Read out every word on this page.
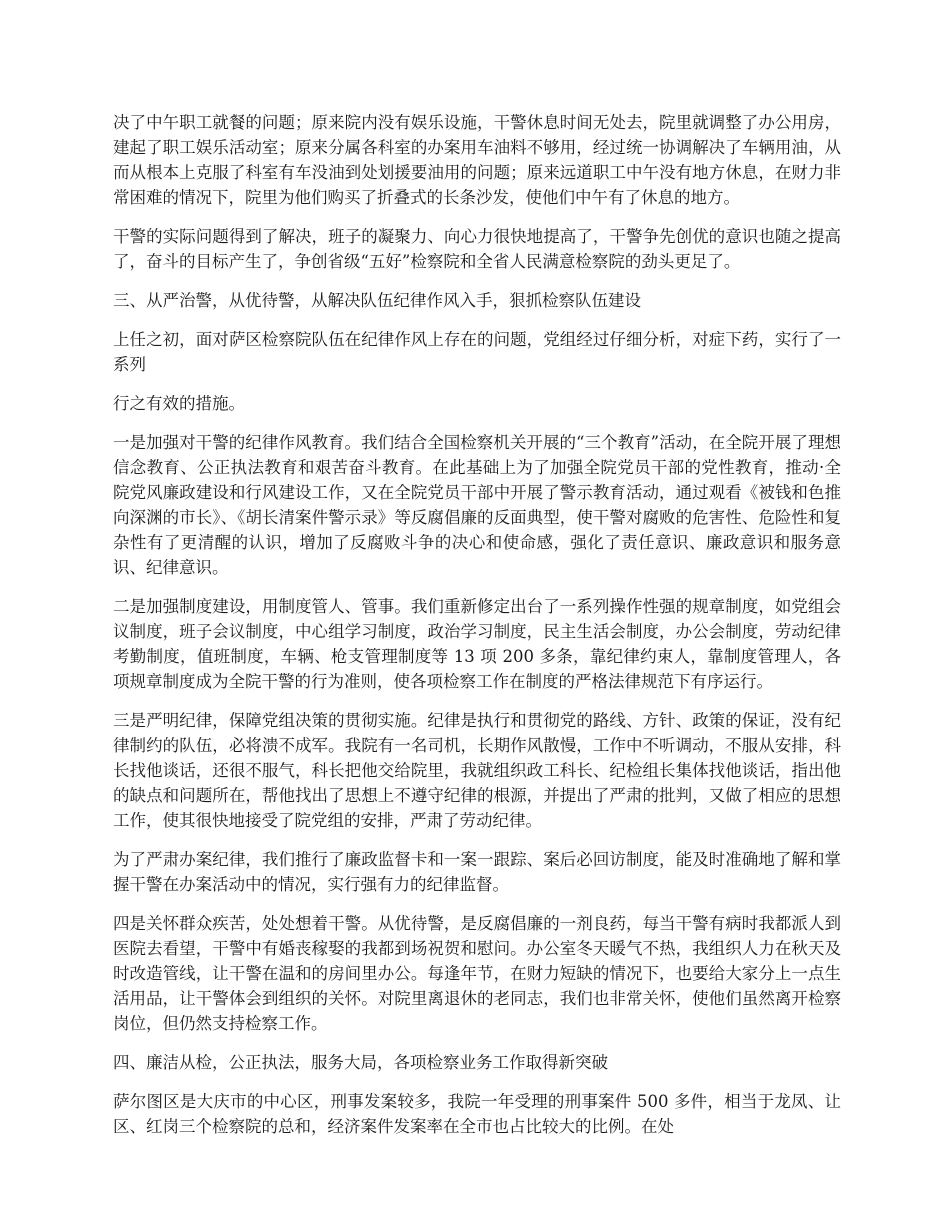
决了中午职工就餐的问题；原来院内没有娱乐设施，干警休息时间无处去，院里就调整了办公用房，建起了职工娱乐活动室；原来分属各科室的办案用车油料不够用，经过统一协调解决了车辆用油，从而从根本上克服了科室有车没油到处划援要油用的问题；原来远道职工中午没有地方休息，在财力非常困难的情况下，院里为他们购买了折叠式的长条沙发，使他们中午有了休息的地方。

干警的实际问题得到了解决，班子的凝聚力、向心力很快地提高了，干警争先创优的意识也随之提高了，奋斗的目标产生了，争创省级“五好”检察院和全省人民满意检察院的劲头更足了。

三、从严治警，从优待警，从解决队伍纪律作风入手，狠抓检察队伍建设

上任之初，面对萨区检察院队伍在纪律作风上存在的问题，党组经过仔细分析，对症下药，实行了一系列

行之有效的措施。

一是加强对干警的纪律作风教育。我们结合全国检察机关开展的“三个教育”活动，在全院开展了理想信念教育、公正执法教育和艰苦奋斗教育。在此基础上为了加强全院党员干部的党性教育，推动·全院党风廉政建设和行风建设工作，又在全院党员干部中开展了警示教育活动，通过观看《被钱和色推向深渊的市长》、《胡长清案件警示录》等反腐倡廉的反面典型，使干警对腐败的危害性、危险性和复杂性有了更清醒的认识，增加了反腐败斗争的决心和使命感，强化了责任意识、廉政意识和服务意识、纪律意识。

二是加强制度建设，用制度管人、管事。我们重新修定出台了一系列操作性强的规章制度，如党组会议制度，班子会议制度，中心组学习制度，政治学习制度，民主生活会制度，办公会制度，劳动纪律考勤制度，值班制度，车辆、枪支管理制度等 13 项 200 多条，靠纪律约束人，靠制度管理人，各项规章制度成为全院干警的行为准则，使各项检察工作在制度的严格法律规范下有序运行。

三是严明纪律，保障党组决策的贯彻实施。纪律是执行和贯彻党的路线、方针、政策的保证，没有纪律制约的队伍，必将溃不成军。我院有一名司机，长期作风散慢，工作中不听调动，不服从安排，科长找他谈话，还很不服气，科长把他交给院里，我就组织政工科长、纪检组长集体找他谈话，指出他的缺点和问题所在，帮他找出了思想上不遵守纪律的根源，并提出了严肃的批判，又做了相应的思想工作，使其很快地接受了院党组的安排，严肃了劳动纪律。

为了严肃办案纪律，我们推行了廉政监督卡和一案一跟踪、案后必回访制度，能及时准确地了解和掌握干警在办案活动中的情况，实行强有力的纪律监督。

四是关怀群众疾苦，处处想着干警。从优待警，是反腐倡廉的一剂良药，每当干警有病时我都派人到医院去看望，干警中有婚丧稼娶的我都到场祝贺和慰问。办公室冬天暖气不热，我组织人力在秋天及时改造管线，让干警在温和的房间里办公。每逢年节，在财力短缺的情况下，也要给大家分上一点生活用品，让干警体会到组织的关怀。对院里离退休的老同志，我们也非常关怀，使他们虽然离开检察岗位，但仍然支持检察工作。

四、廉洁从检，公正执法，服务大局，各项检察业务工作取得新突破

萨尔图区是大庆市的中心区，刑事发案较多，我院一年受理的刑事案件 500 多件，相当于龙凤、让区、红岗三个检察院的总和，经济案件发案率在全市也占比较大的比例。在处
